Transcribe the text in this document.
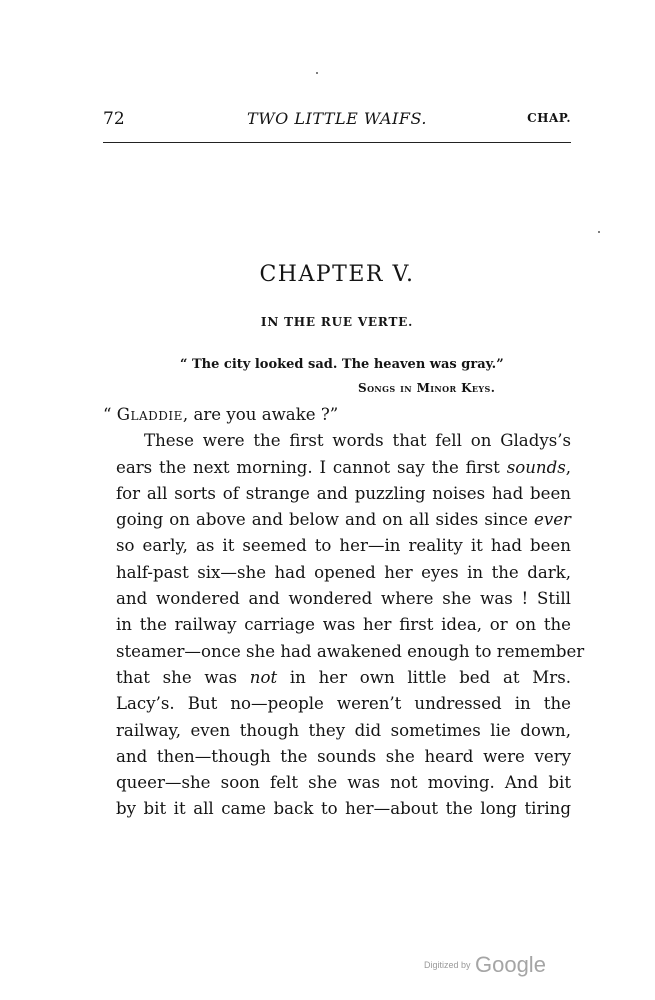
72	TWO LITTLE WAIFS.	CHAP.
CHAPTER V.
IN THE RUE VERTE.
“ The city looked sad. The heaven was gray.”
Songs in Minor Keys.
“ Gladdie, are you awake ?”
These were the first words that fell on Gladys’s
ears the next morning. I cannot say the first sounds,
for all sorts of strange and puzzling noises had been
going on above and below and on all sides since ever
so early, as it seemed to her—in reality it had been
half-past six—she had opened her eyes in the dark,
and wondered and wondered where she was ! Still
in the railway carriage was her first idea, or on the
steamer—once she had awakened enough to remember
that she was not in her own little bed at Mrs.
Lacy’s. But no—people weren’t undressed in the
railway, even though they did sometimes lie down,
and then—though the sounds she heard were very
queer—she soon felt she was not moving. And bit
by bit it all came back to her—about the long tiring
Digitized by Google
